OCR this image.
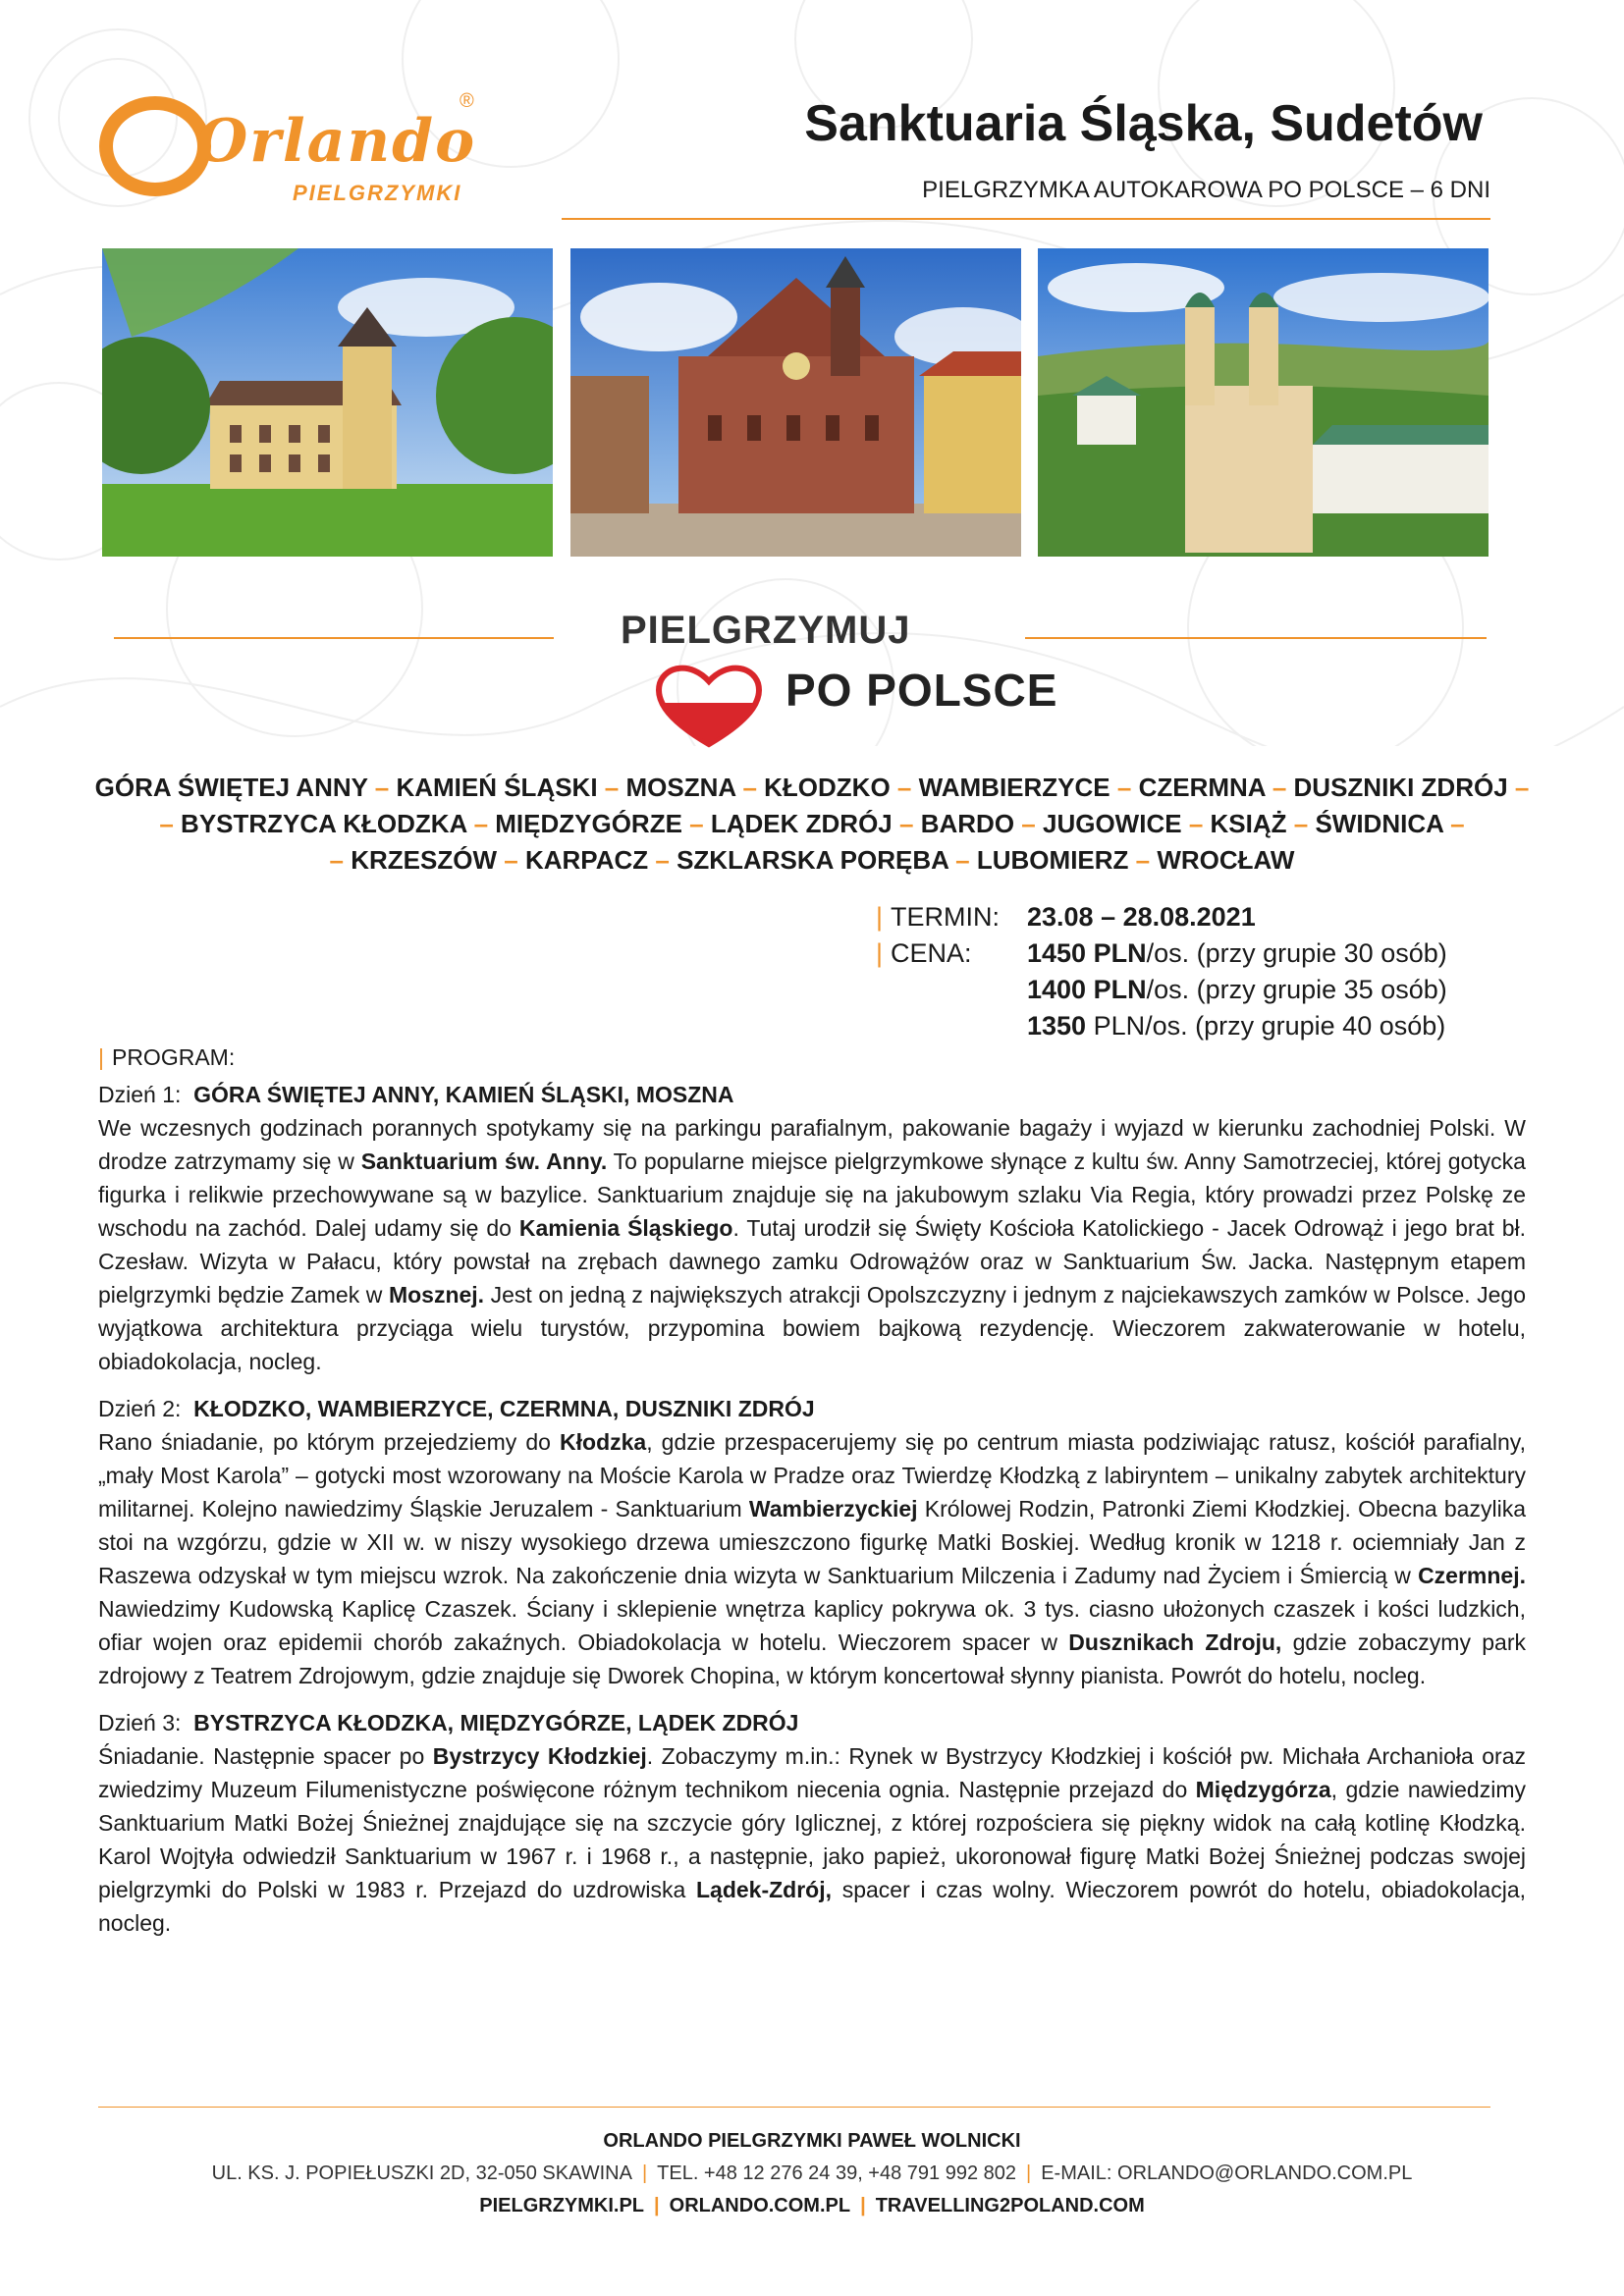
Orlando
®
PIELGRZYMKI
Sanktuaria Śląska, Sudetów
PIELGRZYMKA AUTOKAROWA PO POLSCE – 6 DNI
PIELGRZYMUJ
PO POLSCE
GÓRA ŚWIĘTEJ ANNY – KAMIEŃ ŚLĄSKI – MOSZNA – KŁODZKO – WAMBIERZYCE – CZERMNA – DUSZNIKI ZDRÓJ –
– BYSTRZYCA KŁODZKA – MIĘDZYGÓRZE – LĄDEK ZDRÓJ – BARDO – JUGOWICE – KSIĄŻ – ŚWIDNICA –
– KRZESZÓW – KARPACZ – SZKLARSKA PORĘBA – LUBOMIERZ – WROCŁAW
| TERMIN:
| CENA:
23.08 – 28.08.2021
1450 PLN/os. (przy grupie 30 osób)
1400 PLN/os. (przy grupie 35 osób)
1350 PLN/os. (przy grupie 40 osób)
| PROGRAM:
Dzień 1: GÓRA ŚWIĘTEJ ANNY, KAMIEŃ ŚLĄSKI, MOSZNA
We wczesnych godzinach porannych spotykamy się na parkingu parafialnym, pakowanie bagaży i wyjazd w kierunku zachodniej Polski. W drodze zatrzymamy się w Sanktuarium św. Anny. To popularne miejsce pielgrzymkowe słynące z kultu św. Anny Samotrzeciej, której gotycka figurka i relikwie przechowywane są w bazylice. Sanktuarium znajduje się na jakubowym szlaku Via Regia, który prowadzi przez Polskę ze wschodu na zachód. Dalej udamy się do Kamienia Śląskiego. Tutaj urodził się Święty Kościoła Katolickiego - Jacek Odrowąż i jego brat bł. Czesław. Wizyta w Pałacu, który powstał na zrębach dawnego zamku Odrowążów oraz w Sanktuarium Św. Jacka. Następnym etapem pielgrzymki będzie Zamek w Mosznej. Jest on jedną z największych atrakcji Opolszczyzny i jednym z najciekawszych zamków w Polsce. Jego wyjątkowa architektura przyciąga wielu turystów, przypomina bowiem bajkową rezydencję. Wieczorem zakwaterowanie w hotelu, obiadokolacja, nocleg.
Dzień 2: KŁODZKO, WAMBIERZYCE, CZERMNA, DUSZNIKI ZDRÓJ
Rano śniadanie, po którym przejedziemy do Kłodzka, gdzie przespacerujemy się po centrum miasta podziwiając ratusz, kościół parafialny, „mały Most Karola” – gotycki most wzorowany na Moście Karola w Pradze oraz Twierdzę Kłodzką z labiryntem – unikalny zabytek architektury militarnej. Kolejno nawiedzimy Śląskie Jeruzalem - Sanktuarium Wambierzyckiej Królowej Rodzin, Patronki Ziemi Kłodzkiej. Obecna bazylika stoi na wzgórzu, gdzie w XII w. w niszy wysokiego drzewa umieszczono figurkę Matki Boskiej. Według kronik w 1218 r. ociemniały Jan z Raszewa odzyskał w tym miejscu wzrok. Na zakończenie dnia wizyta w Sanktuarium Milczenia i Zadumy nad Życiem i Śmiercią w Czermnej. Nawiedzimy Kudowską Kaplicę Czaszek. Ściany i sklepienie wnętrza kaplicy pokrywa ok. 3 tys. ciasno ułożonych czaszek i kości ludzkich, ofiar wojen oraz epidemii chorób zakaźnych. Obiadokolacja w hotelu. Wieczorem spacer w Dusznikach Zdroju, gdzie zobaczymy park zdrojowy z Teatrem Zdrojowym, gdzie znajduje się Dworek Chopina, w którym koncertował słynny pianista. Powrót do hotelu, nocleg.
Dzień 3: BYSTRZYCA KŁODZKA, MIĘDZYGÓRZE, LĄDEK ZDRÓJ
Śniadanie. Następnie spacer po Bystrzycy Kłodzkiej. Zobaczymy m.in.: Rynek w Bystrzycy Kłodzkiej i kościół pw. Michała Archanioła oraz zwiedzimy Muzeum Filumenistyczne poświęcone różnym technikom niecenia ognia. Następnie przejazd do Międzygórza, gdzie nawiedzimy Sanktuarium Matki Bożej Śnieżnej znajdujące się na szczycie góry Iglicznej, z której rozpościera się piękny widok na całą kotlinę Kłodzką. Karol Wojtyła odwiedził Sanktuarium w 1967 r. i 1968 r., a następnie, jako papież, ukoronował figurę Matki Bożej Śnieżnej podczas swojej pielgrzymki do Polski w 1983 r. Przejazd do uzdrowiska Lądek-Zdrój, spacer i czas wolny. Wieczorem powrót do hotelu, obiadokolacja, nocleg.
ORLANDO PIELGRZYMKI PAWEŁ WOLNICKI
UL. KS. J. POPIEŁUSZKI 2D, 32-050 SKAWINA | TEL. +48 12 276 24 39, +48 791 992 802 | E-MAIL: ORLANDO@ORLANDO.COM.PL
PIELGRZYMKI.PL | ORLANDO.COM.PL | TRAVELLING2POLAND.COM
